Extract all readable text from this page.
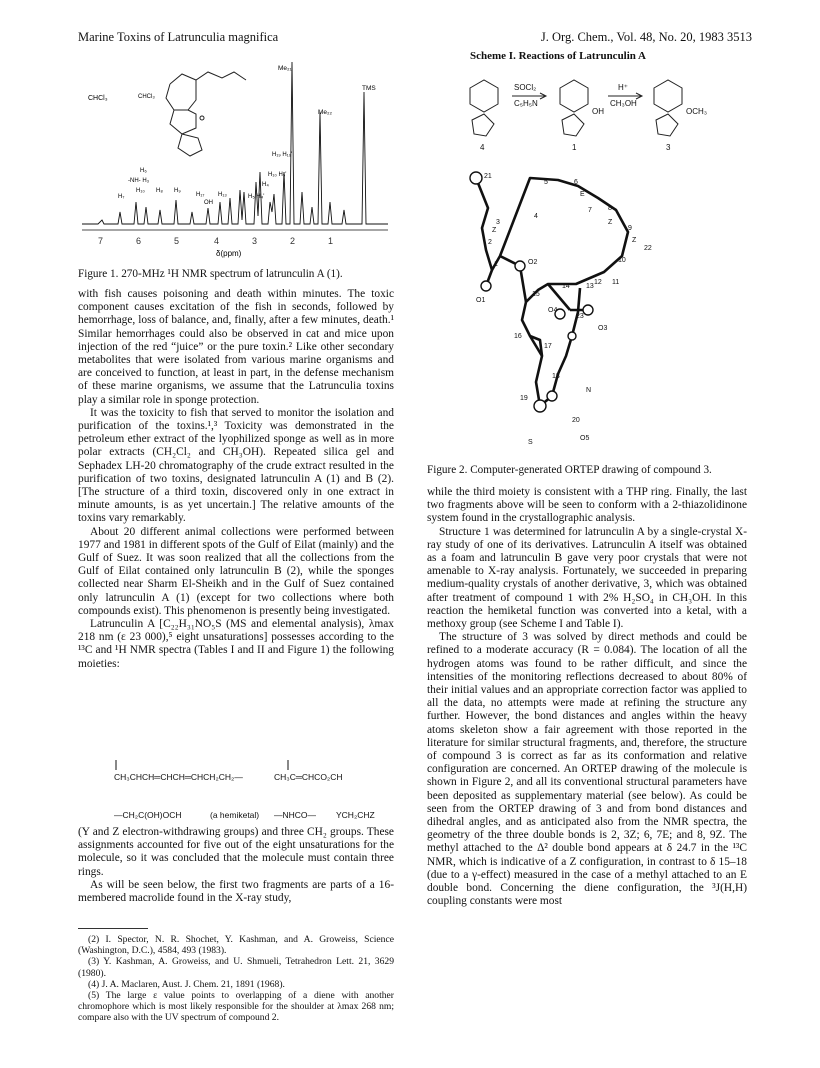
Marine Toxins of Latrunculia magnifica	J. Org. Chem., Vol. 48, No. 20, 1983 3513
CHCl₃
CHCl₃
Me₂₁
TMS
Me₂₂
H₆
-NH- H₃
H₈ H₉
H₇
H₁₀
H₁₇ H₁₃
OH
H₅ H₄'
H₄
H₁₉ H₁₉'
H₁₀ H₅'
7	6	5	4	3	2	1
δ(ppm)
Figure 1. 270-MHz ¹H NMR spectrum of latrunculin A (1).

with fish causes poisoning and death within minutes. The toxic component causes excitation of the fish in seconds, followed by hemorrhage, loss of balance, and, finally, after a few minutes, death.¹ Similar hemorrhages could also be observed in cat and mice upon injection of the red “juice” or the pure toxin.² Like other secondary metabolites that were isolated from various marine organisms and are conceived to function, at least in part, in the defense mechanism of these marine organisms, we assume that the Latrunculia toxins play a similar role in sponge protection.

It was the toxicity to fish that served to monitor the isolation and purification of the toxins.¹,³ Toxicity was demonstrated in the petroleum ether extract of the lyophilized sponge as well as in more polar extracts (CH₂Cl₂ and CH₃OH). Repeated silica gel and Sephadex LH-20 chromatography of the crude extract resulted in the purification of two toxins, designated latrunculin A (1) and B (2). [The structure of a third toxin, discovered only in one extract in minute amounts, is as yet uncertain.] The relative amounts of the toxins vary remarkably.

About 20 different animal collections were performed between 1977 and 1981 in different spots of the Gulf of Eilat (mainly) and the Gulf of Suez. It was soon realized that all the collections from the Gulf of Eilat contained only latrunculin B (2), while the sponges collected near Sharm El-Sheikh and in the Gulf of Suez contained only latrunculin A (1) (except for two collections where both compounds exist). This phenomenon is presently being investigated.

Latrunculin A [C₂₂H₃₁NO₅S (MS and elemental analysis), λmax 218 nm (ε 23 000),⁵ eight unsaturations] possesses according to the ¹³C and ¹H NMR spectra (Tables I and II and Figure 1) the following moieties:

CH₃CHCH═CHCH═CHCH₂CH₂—	CH₃C═CHCO₂CH
—CH₂C(OH)OCH	(a hemiketal) —NHCO— YCH₂CHZ

(Y and Z electron-withdrawing groups) and three CH₂ groups. These assignments accounted for five out of the eight unsaturations for the molecule, so it was concluded that the molecule must contain three rings.

As will be seen below, the first two fragments are parts of a 16-membered macrolide found in the X-ray study,

(2) I. Spector, N. R. Shochet, Y. Kashman, and A. Groweiss, Science (Washington, D.C.), 4584, 493 (1983).
(3) Y. Kashman, A. Groweiss, and U. Shmueli, Tetrahedron Lett. 21, 3629 (1980).
(4) J. A. Maclaren, Aust. J. Chem. 21, 1891 (1968).
(5) The large ε value points to overlapping of a diene with another chromophore which is most likely responsible for the shoulder at λmax 268 nm; compare also with the UV spectrum of compound 2.
Scheme I. Reactions of Latrunculin A
SOCl₂
C₅H₅N
H⁺
CH₃OH
OH	OCH₃
4	1	3
21
1
2
3
4
5	6
7 8
9
10
11
12
13
14
15
16
17
18
19
20
22
23
O1
O2
O3
O4
O5
N
S
Z
Z
Z
E
Figure 2. Computer-generated ORTEP drawing of compound 3.

while the third moiety is consistent with a THP ring. Finally, the last two fragments above will be seen to conform with a 2-thiazolidinone system found in the crystallographic analysis.

Structure 1 was determined for latrunculin A by a single-crystal X-ray study of one of its derivatives. Latrunculin A itself was obtained as a foam and latrunculin B gave very poor crystals that were not amenable to X-ray analysis. Fortunately, we succeeded in preparing medium-quality crystals of another derivative, 3, which was obtained after treatment of compound 1 with 2% H₂SO₄ in CH₃OH. In this reaction the hemiketal function was converted into a ketal, with a methoxy group (see Scheme I and Table I).

The structure of 3 was solved by direct methods and could be refined to a moderate accuracy (R = 0.084). The location of all the hydrogen atoms was found to be rather difficult, and since the intensities of the monitoring reflections decreased to about 80% of their initial values and an appropriate correction factor was applied to all the data, no attempts were made at refining the structure any further. However, the bond distances and angles within the heavy atoms skeleton show a fair agreement with those reported in the literature for similar structural fragments, and, therefore, the structure of compound 3 is correct as far as its conformation and relative configuration are concerned. An ORTEP drawing of the molecule is shown in Figure 2, and all its conventional structural parameters have been deposited as supplementary material (see below). As could be seen from the ORTEP drawing of 3 and from bond distances and dihedral angles, and as anticipated also from the NMR spectra, the geometry of the three double bonds is 2, 3Z; 6, 7E; and 8, 9Z. The methyl attached to the Δ² double bond appears at δ 24.7 in the ¹³C NMR, which is indicative of a Z configuration, in contrast to δ 15–18 (due to a γ-effect) measured in the case of a methyl attached to an E double bond. Concerning the diene configuration, the ³J(H,H) coupling constants were most
